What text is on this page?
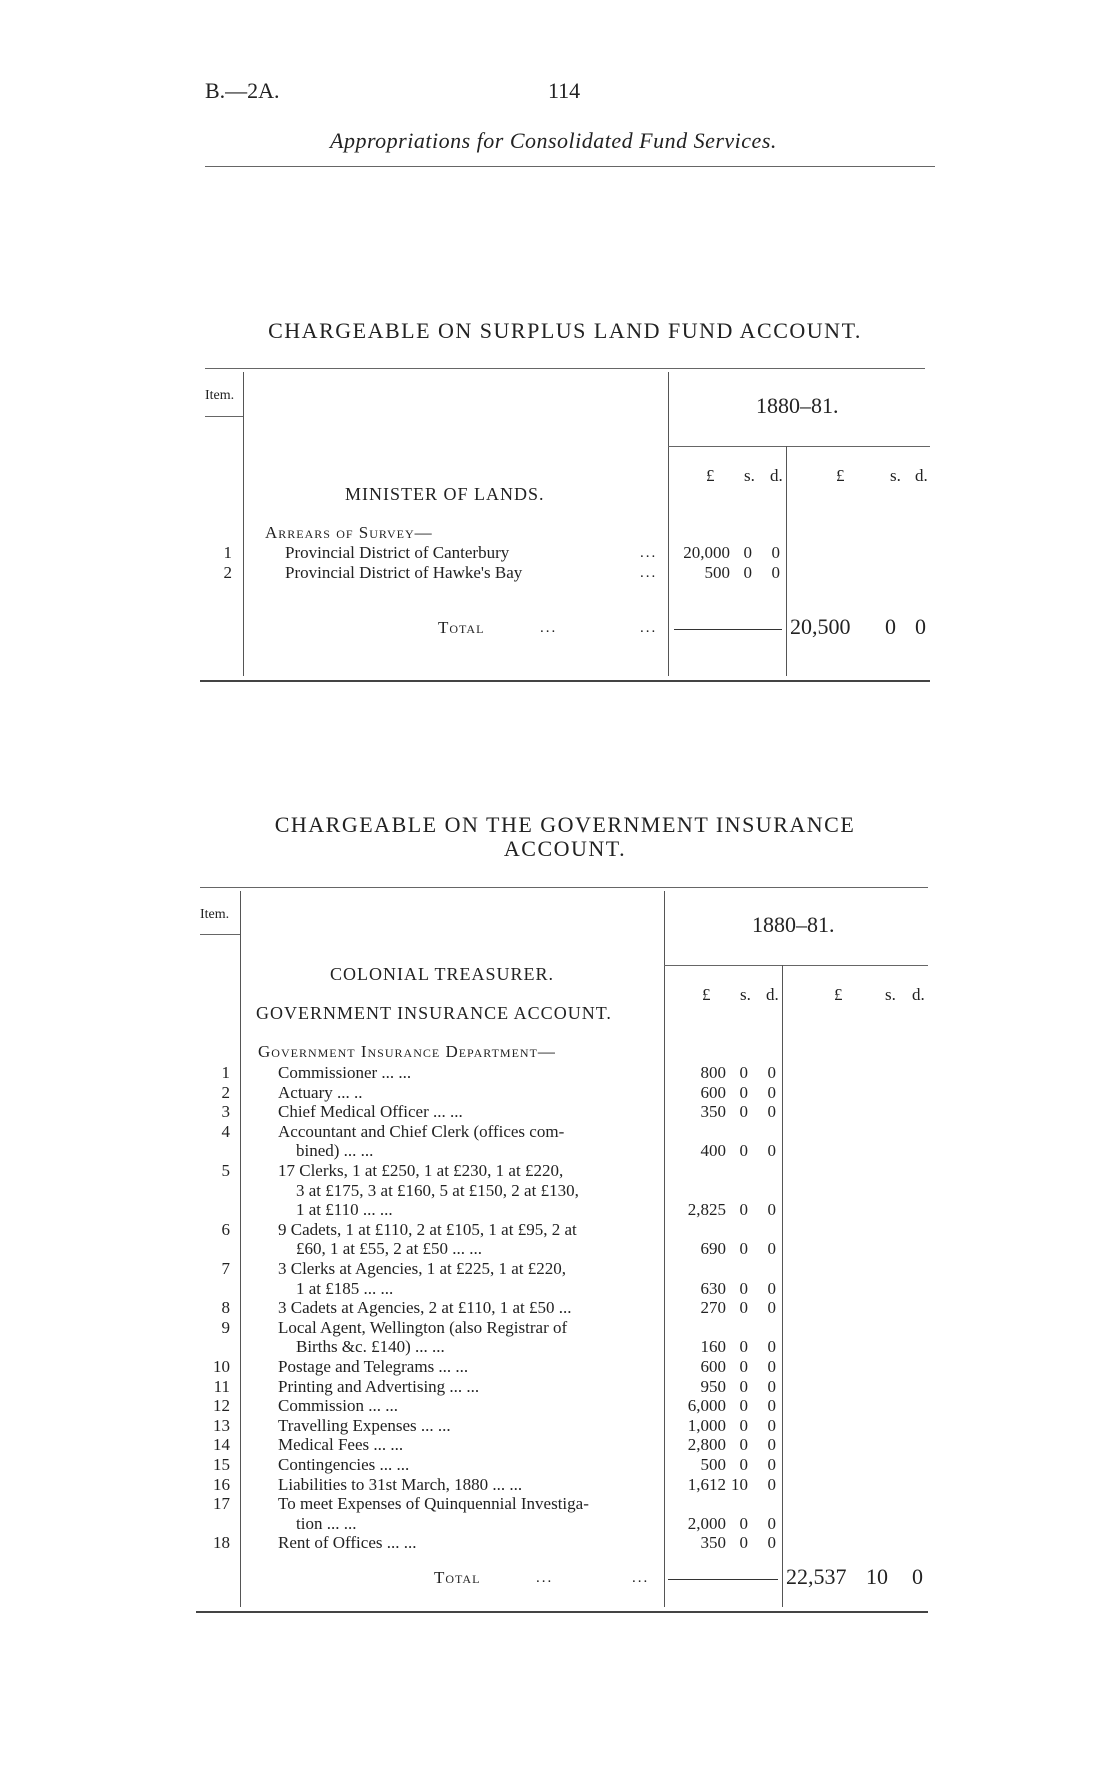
B.—2A.	114
Appropriations for Consolidated Fund Services.
CHARGEABLE ON SURPLUS LAND FUND ACCOUNT.
Item.	1880–81.
£ s. d.	£	s. d.
MINISTER OF LANDS.
Arrears of Survey—
1	Provincial District of Canterbury	...	20,000 0	0
2	Provincial District of Hawke's Bay	...	500 0	0
Total	...	...	20,500 0 0
CHARGEABLE ON THE GOVERNMENT INSURANCE
ACCOUNT.
Item.	1880–81.
£ s. d.	£	s. d.
COLONIAL TREASURER.
GOVERNMENT INSURANCE ACCOUNT.
Government Insurance Department—
1	Commissioner ... ...	800 0	0
2	Actuary ... ..	600 0	0
3	Chief Medical Officer ... ...	350 0	0
4	Accountant and Chief Clerk (offices com-
bined) ... ...	400 0	0
5	17 Clerks, 1 at £250, 1 at £230, 1 at £220,
3 at £175, 3 at £160, 5 at £150, 2 at £130,
1 at £110 ... ...	2,825 0	0
6	9 Cadets, 1 at £110, 2 at £105, 1 at £95, 2 at
£60, 1 at £55, 2 at £50 ... ...	690 0	0
7	3 Clerks at Agencies, 1 at £225, 1 at £220,
1 at £185 ... ...	630 0	0
8	3 Cadets at Agencies, 2 at £110, 1 at £50 ...	270 0	0
9	Local Agent, Wellington (also Registrar of
Births &c. £140) ... ...	160 0	0
10	Postage and Telegrams ... ...	600 0	0
11	Printing and Advertising ... ...	950 0	0
12	Commission ... ...	6,000 0	0
13	Travelling Expenses ... ...	1,000 0	0
14	Medical Fees ... ...	2,800 0	0
15	Contingencies ... ...	500 0	0
16	Liabilities to 31st March, 1880 ... ...	1,612 10	0
17	To meet Expenses of Quinquennial Investiga-
tion ... ...	2,000 0	0
18	Rent of Offices ... ...	350 0	0
Total	...	...	22,537 10 0
